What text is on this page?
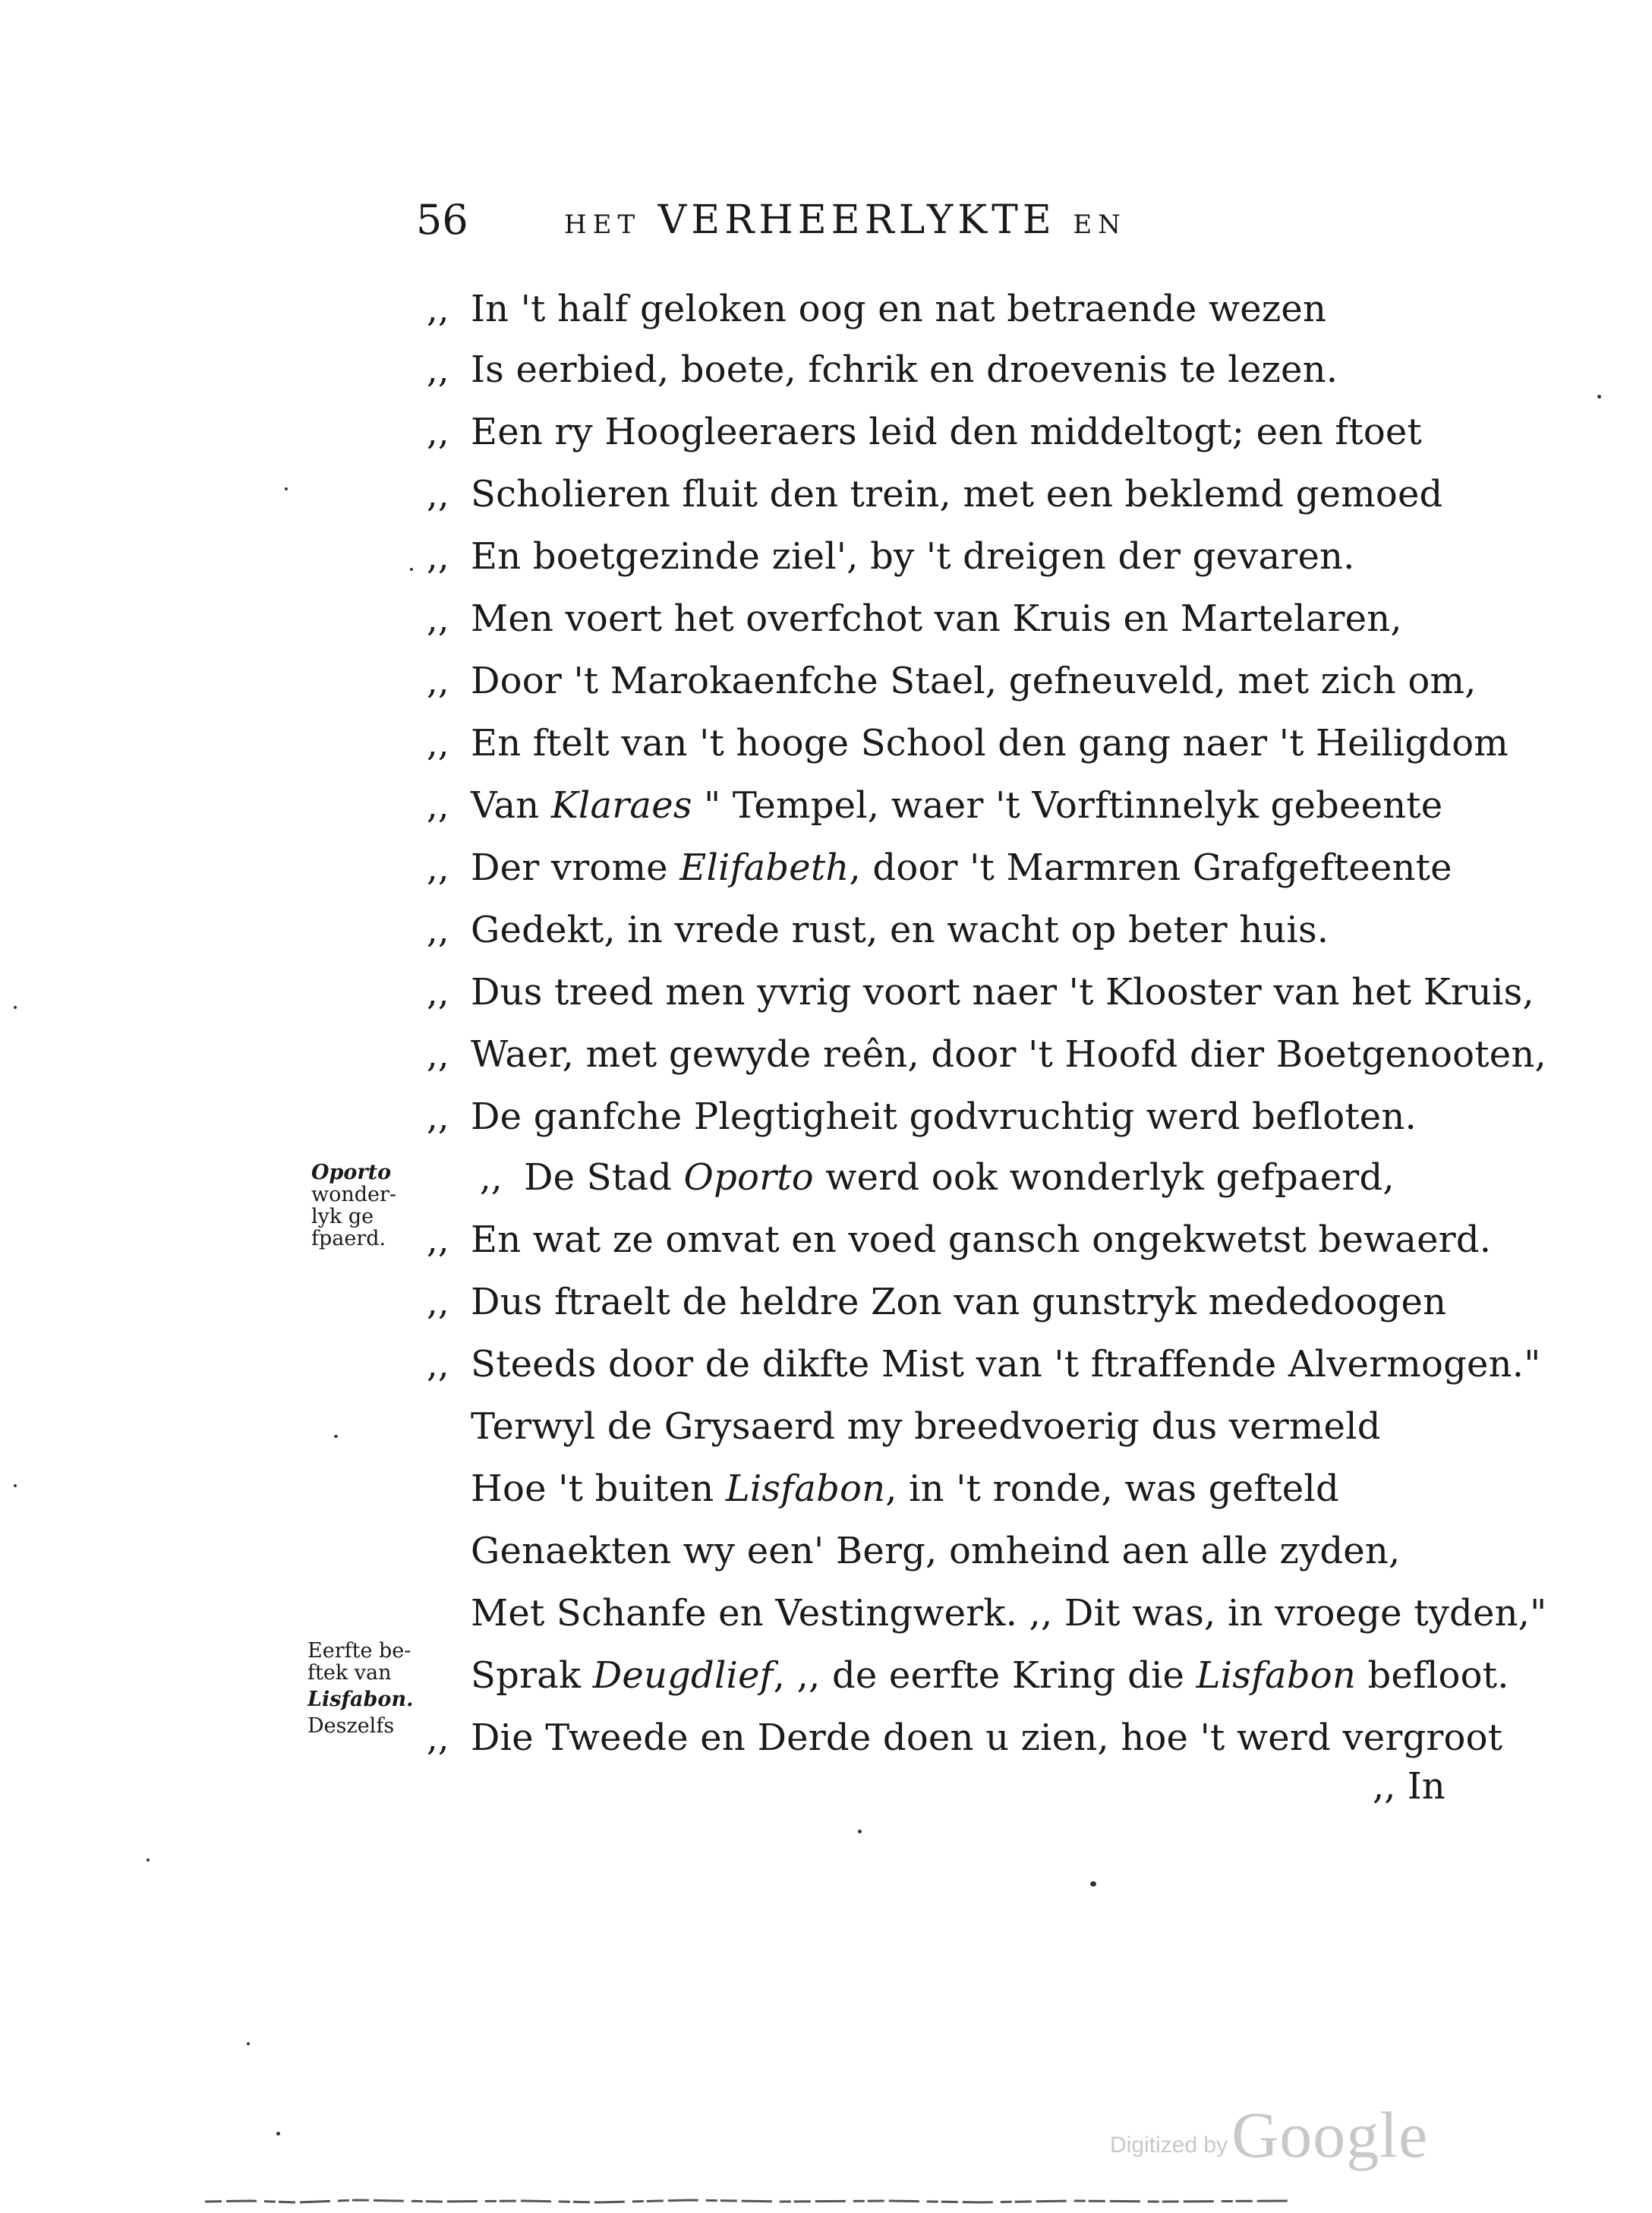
56	HET VERHEERLYKTE EN
,, In 't half geloken oog en nat betraende wezen
,, Is eerbied, boete, fchrik en droevenis te lezen.
,, Een ry Hoogleeraers leid den middeltogt; een ftoet
,, Scholieren fluit den trein, met een beklemd gemoed
,, En boetgezinde ziel', by 't dreigen der gevaren.
,, Men voert het overfchot van Kruis en Martelaren,
,, Door 't Marokaenfche Stael, gefneuveld, met zich om,
,, En ftelt van 't hooge School den gang naer 't Heiligdom
,, Van Klaraes " Tempel, waer 't Vorftinnelyk gebeente
,, Der vrome Elifabeth, door 't Marmren Grafgefteente
,, Gedekt, in vrede rust, en wacht op beter huis.
,, Dus treed men yvrig voort naer 't Klooster van het Kruis,
,, Waer, met gewyde reên, door 't Hoofd dier Boetgenooten,
,, De ganfche Plegtigheit godvruchtig werd befloten.
,, De Stad Oporto werd ook wonderlyk gefpaerd,
,, En wat ze omvat en voed gansch ongekwetst bewaerd.
,, Dus ftraelt de heldre Zon van gunstryk mededoogen
,, Steeds door de dikfte Mist van 't ftraffende Alvermogen."
Terwyl de Grysaerd my breedvoerig dus vermeld
Hoe 't buiten Lisfabon, in 't ronde, was gefteld
Genaekten wy een' Berg, omheind aen alle zyden,
Met Schanfe en Vestingwerk. ,, Dit was, in vroege tyden,"
Sprak Deugdlief, ,, de eerfte Kring die Lisfabon befloot.
,, Die Tweede en Derde doen u zien, hoe 't werd vergroot
,, In
Oporto
wonder-
lyk ge
fpaerd.
Eerfte be-
ftek van
Lisfabon.
Deszelfs
Digitized by Google
